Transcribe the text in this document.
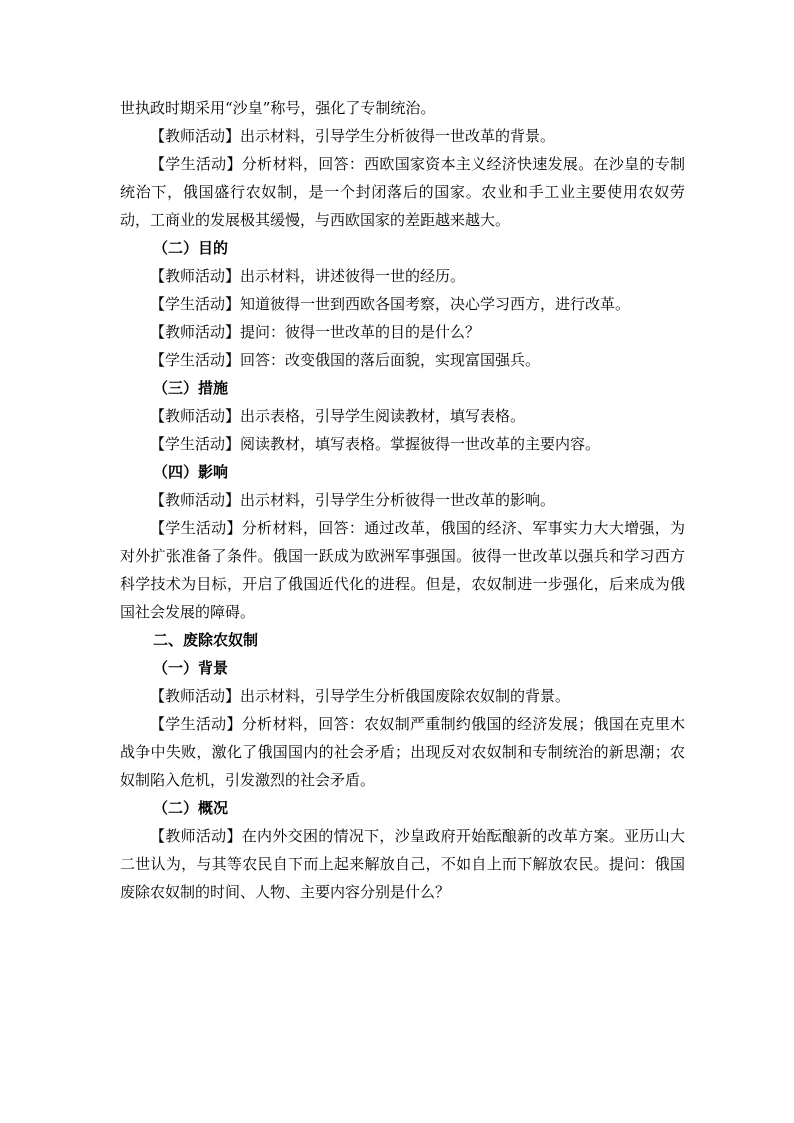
世执政时期采用“沙皇”称号，强化了专制统治。

【教师活动】出示材料，引导学生分析彼得一世改革的背景。

【学生活动】分析材料，回答：西欧国家资本主义经济快速发展。在沙皇的专制统治下，俄国盛行农奴制，是一个封闭落后的国家。农业和手工业主要使用农奴劳动，工商业的发展极其缓慢，与西欧国家的差距越来越大。

（二）目的

【教师活动】出示材料，讲述彼得一世的经历。

【学生活动】知道彼得一世到西欧各国考察，决心学习西方，进行改革。

【教师活动】提问：彼得一世改革的目的是什么？

【学生活动】回答：改变俄国的落后面貌，实现富国强兵。

（三）措施

【教师活动】出示表格，引导学生阅读教材，填写表格。

【学生活动】阅读教材，填写表格。掌握彼得一世改革的主要内容。

（四）影响

【教师活动】出示材料，引导学生分析彼得一世改革的影响。

【学生活动】分析材料，回答：通过改革，俄国的经济、军事实力大大增强，为对外扩张准备了条件。俄国一跃成为欧洲军事强国。彼得一世改革以强兵和学习西方科学技术为目标，开启了俄国近代化的进程。但是，农奴制进一步强化，后来成为俄国社会发展的障碍。

二、废除农奴制

（一）背景

【教师活动】出示材料，引导学生分析俄国废除农奴制的背景。

【学生活动】分析材料，回答：农奴制严重制约俄国的经济发展；俄国在克里木战争中失败，激化了俄国国内的社会矛盾；出现反对农奴制和专制统治的新思潮；农奴制陷入危机，引发激烈的社会矛盾。

（二）概况

【教师活动】在内外交困的情况下，沙皇政府开始酝酿新的改革方案。亚历山大二世认为，与其等农民自下而上起来解放自己，不如自上而下解放农民。提问：俄国废除农奴制的时间、人物、主要内容分别是什么？
